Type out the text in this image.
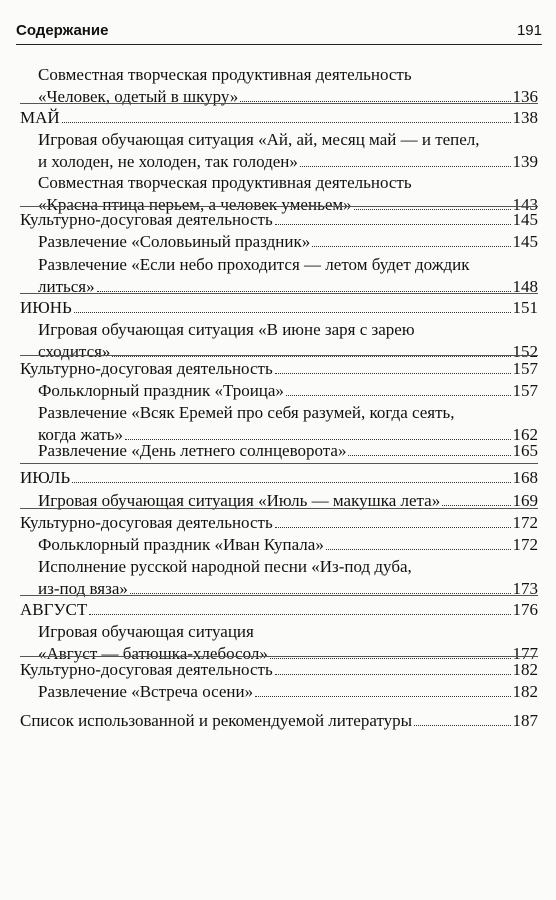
Содержание	191
Совместная творческая продуктивная деятельность
«Человек, одетый в шкуру»	136
МАЙ	138
Игровая обучающая ситуация «Ай, ай, месяц май — и тепел,
и холоден, не холоден, так голоден»	139
Совместная творческая продуктивная деятельность
«Красна птица перьем, а человек уменьем»	143
Культурно-досуговая деятельность	145
Развлечение «Соловьиный праздник»	145
Развлечение «Если небо проходится — летом будет дождик
литься»	148
ИЮНЬ	151
Игровая обучающая ситуация «В июне заря с зарею
сходится»	152
Культурно-досуговая деятельность	157
Фольклорный праздник «Троица»	157
Развлечение «Всяк Еремей про себя разумей, когда сеять,
когда жать»	162
Развлечение «День летнего солнцеворота»	165
ИЮЛЬ	168
Игровая обучающая ситуация «Июль — макушка лета»	169
Культурно-досуговая деятельность	172
Фольклорный праздник «Иван Купала»	172
Исполнение русской народной песни «Из-под дуба,
из-под вяза»	173
АВГУСТ	176
Игровая обучающая ситуация
«Август — батюшка-хлебосол»	177
Культурно-досуговая деятельность	182
Развлечение «Встреча осени»	182
Список использованной и рекомендуемой литературы	187
